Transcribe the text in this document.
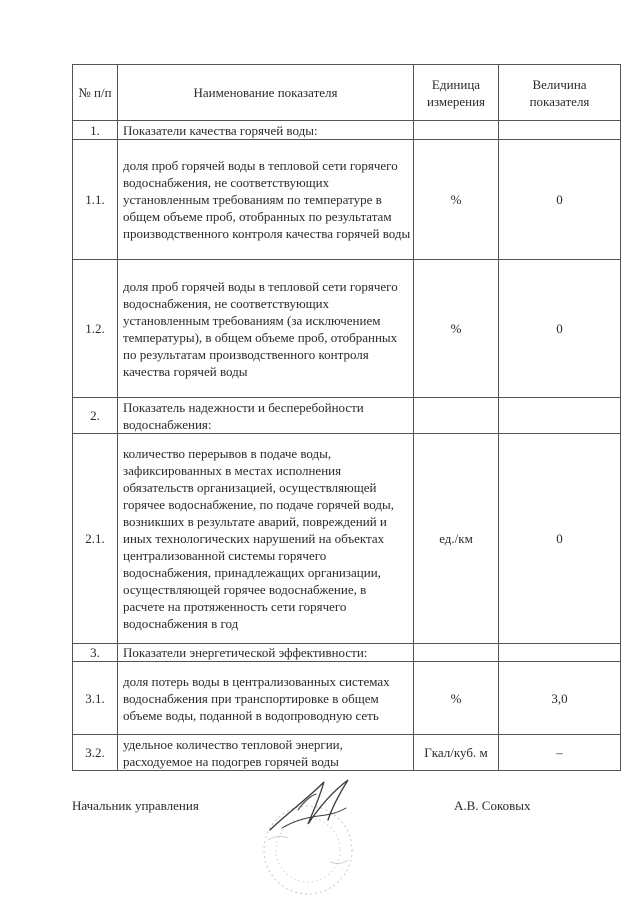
№ п/п	Наименование показателя	Единица измерения	Величина показателя
1.	Показатели качества горячей воды:		
1.1.	доля проб горячей воды в тепловой сети горячего водоснабжения, не соответствующих установленным требованиям по температуре в общем объеме проб, отобранных по результатам производственного контроля качества горячей воды	%	0
1.2.	доля проб горячей воды в тепловой сети горячего водоснабжения, не соответствующих установленным требованиям (за исключением температуры), в общем объеме проб, отобранных по результатам производственного контроля качества горячей воды	%	0
2.	Показатель надежности и бесперебойности водоснабжения:		
2.1.	количество перерывов в подаче воды, зафиксированных в местах исполнения обязательств организацией, осуществляющей горячее водоснабжение, по подаче горячей воды, возникших в результате аварий, повреждений и иных технологических нарушений на объектах централизованной системы горячего водоснабжения, принадлежащих организации, осуществляющей горячее водоснабжение, в расчете на протяженность сети горячего водоснабжения в год	ед./км	0
3.	Показатели энергетической эффективности:		
3.1.	доля потерь воды в централизованных системах водоснабжения при транспортировке в общем объеме воды, поданной в водопроводную сеть	%	3,0
3.2.	удельное количество тепловой энергии, расходуемое на подогрев горячей воды	Гкал/куб. м	–
Начальник управления	А.В. Соковых
